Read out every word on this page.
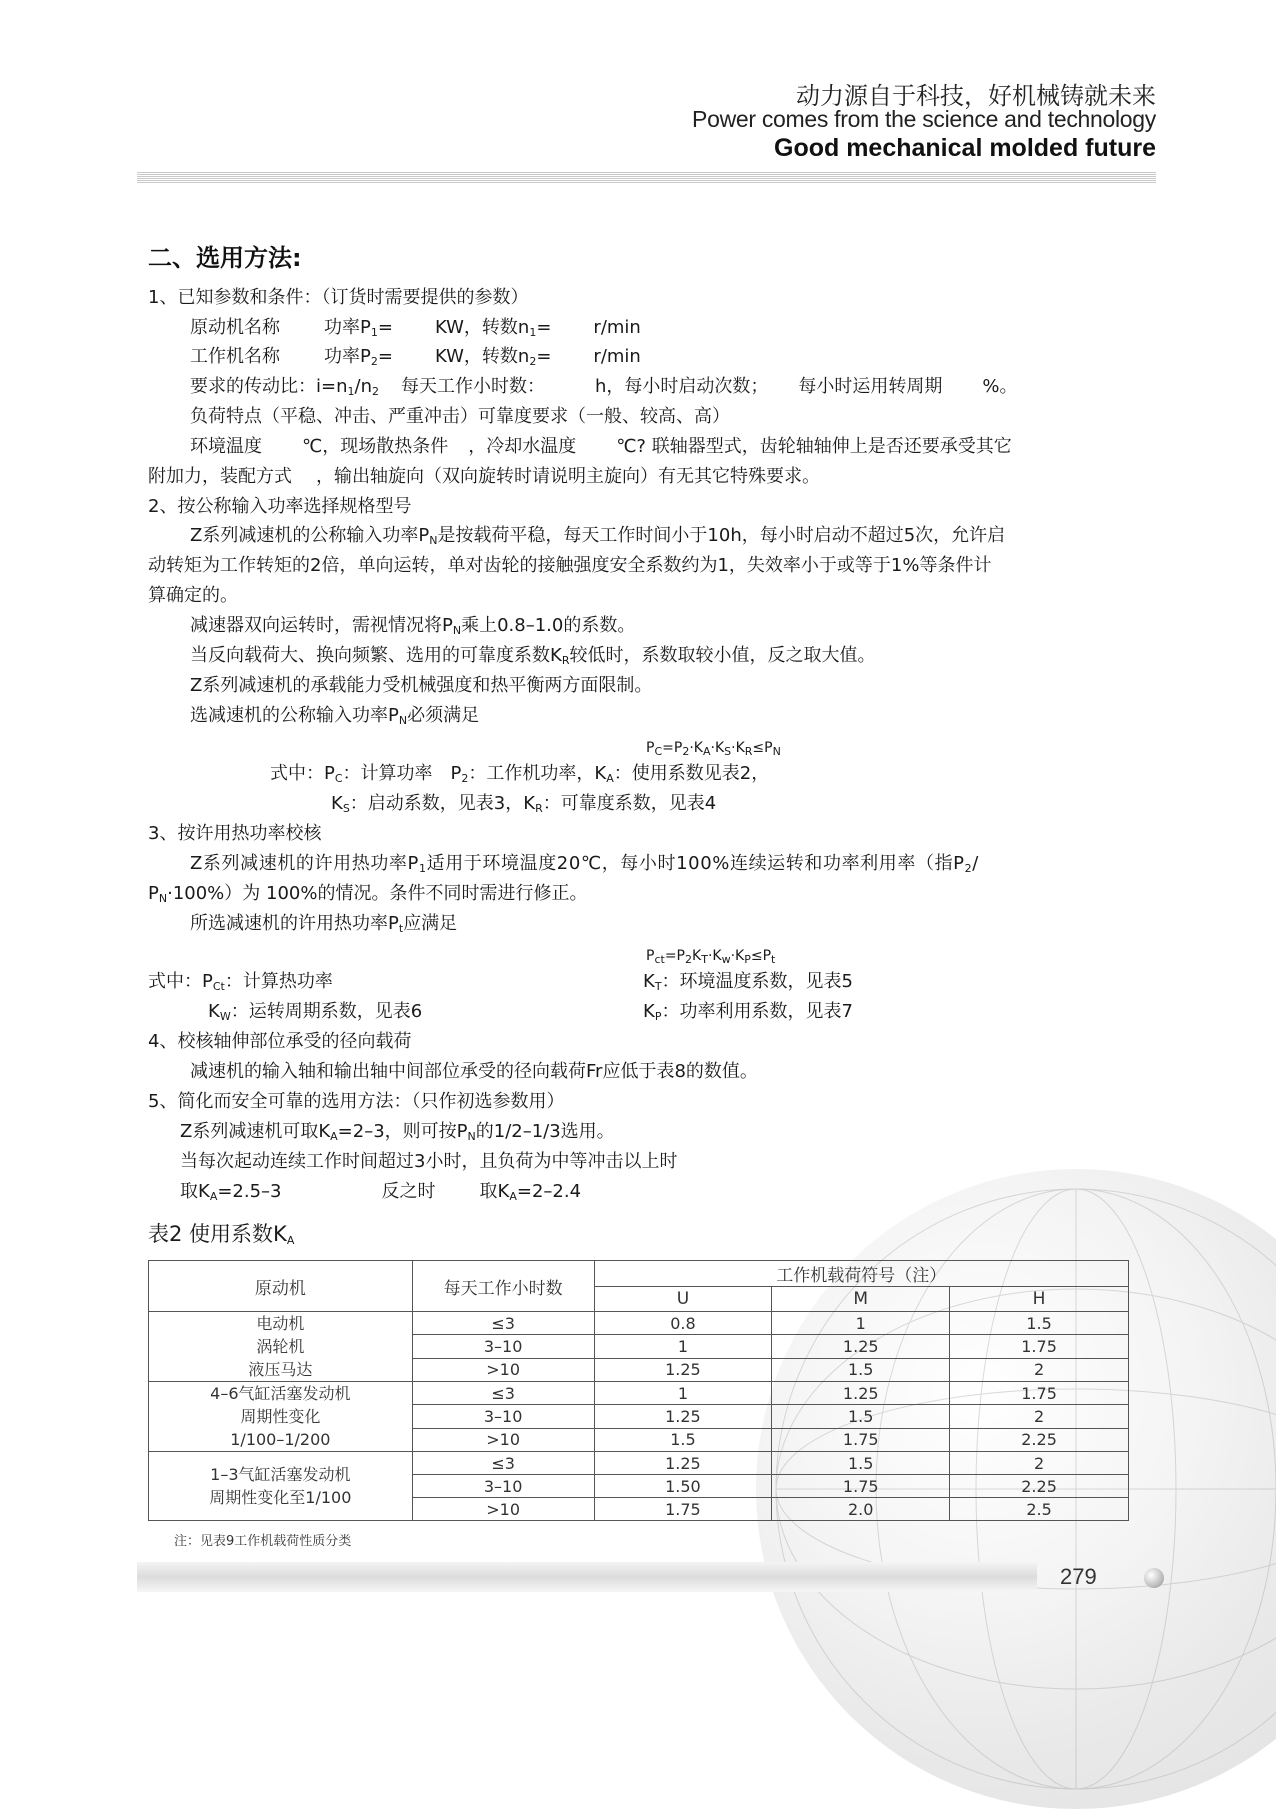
动力源自于科技，好机械铸就未来
Power comes from the science and technology
Good mechanical molded future
二、选用方法:
1、已知参数和条件：（订货时需要提供的参数）
原动机名称 功率$P_1=$ KW，转数$n_1= r/\min$
工作机名称 功率$P_2=$ KW，转数$n_2= r/\min$
要求的传动比：$i=n_1/n_2$ 每天工作小时数：	h，每小时启动次数； 每小时运用转周期 %。
负荷特点（平稳、冲击、严重冲击）可靠度要求（一般、较高、高）
环境温度 ℃，现场散热条件 ，冷却水温度 ℃? 联轴器型式，齿轮轴轴伸上是否还要承受其它
附加力，装配方式 ，输出轴旋向（双向旋转时请说明主旋向）有无其它特殊要求。
2、按公称输入功率选择规格型号
Z系列减速机的公称输入功率$P_N$是按载荷平稳，每天工作时间小于10h，每小时启动不超过5次，允许启
动转矩为工作转矩的2倍，单向运转，单对齿轮的接触强度安全系数约为1，失效率小于或等于1%等条件计
算确定的。
减速器双向运转时，需视情况将$P_N$乘上0.8–1.0的系数。
当反向载荷大、换向频繁、选用的可靠度系数$K_R$较低时，系数取较小值，反之取大值。
Z系列减速机的承载能力受机械强度和热平衡两方面限制。
选减速机的公称输入功率$P_N$必须满足
$P_C=P_2\cdot K_A\cdot K_S\cdot K_R\le P_N$
式中：$P_C$：计算功率 $P_2$：工作机功率，$K_A$：使用系数见表2，
$K_S$：启动系数，见表3，$K_R$：可靠度系数，见表4
3、按许用热功率校核
Z系列减速机的许用热功率$P_1$适用于环境温度20℃，每小时100%连续运转和功率利用率（指$P_2/$
$P_N\cdot 100\%$）为 100%的情况。条件不同时需进行修正。
所选减速机的许用热功率$P_t$应满足
$P_{ct}=P_2K_T\cdot K_w\cdot K_P\le P_t$
式中：$P_{Ct}$：计算热功率	$K_T$：环境温度系数，见表5
$K_W$：运转周期系数，见表6	$K_P$：功率利用系数，见表7
4、校核轴伸部位承受的径向载荷
减速机的输入轴和输出轴中间部位承受的径向载荷Fr应低于表8的数值。
5、简化而安全可靠的选用方法：（只作初选参数用）
Z系列减速机可取$K_A=2-3$，则可按$P_N$的1/2–1/3选用。
当每次起动连续工作时间超过3小时，且负荷为中等冲击以上时
取$K_A=2.5-3$	反之时 取$K_A=2-2.4$
表2 使用系数$K_A$
原动机	每天工作小时数	工作机载荷符号（注）		
		U	M	H

电动机
涡轮机
液压马达	≤3	0.8	1	1.5
	3–10	1	1.25	1.75
	>10	1.25	1.5	2

4–6气缸活塞发动机
周期性变化
1/100–1/200	≤3	1	1.25	1.75
	3–10	1.25	1.5	2
	>10	1.5	1.75	2.25

1–3气缸活塞发动机
周期性变化至1/100	≤3	1.25	1.5	2
	3–10	1.50	1.75	2.25
	>10	1.75	2.0	2.5
注：见表9工作机载荷性质分类
279
